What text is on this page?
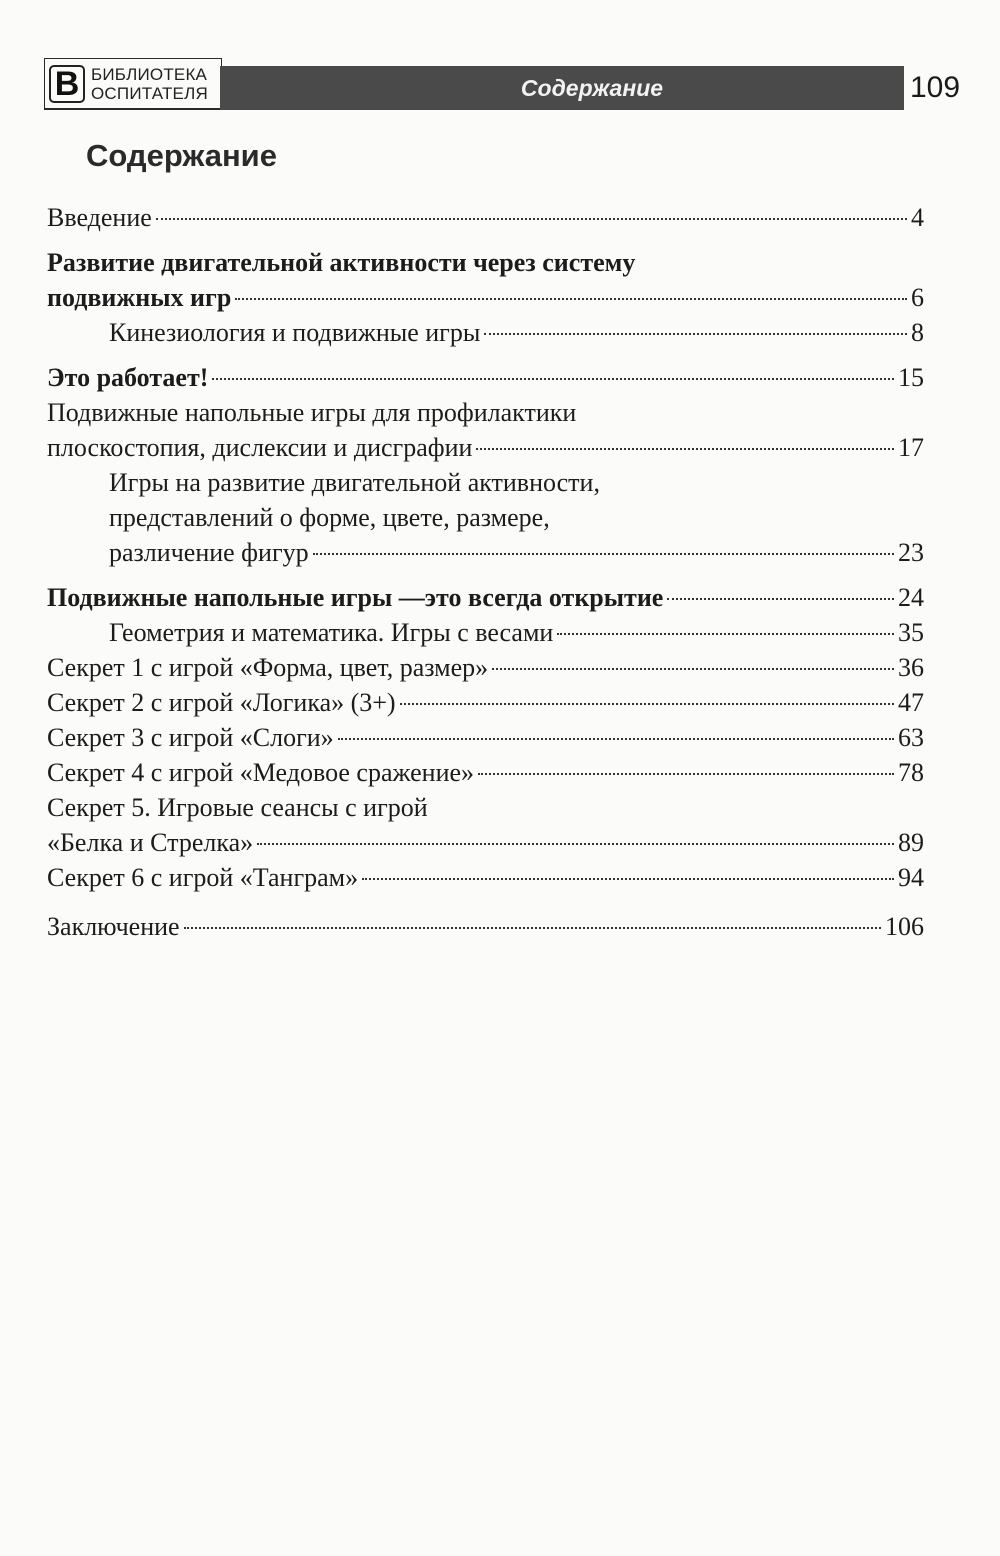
В БИБЛИОТЕКА
ОСПИТАТЕЛЯ	Содержание	109
Содержание
Введение	4
Развитие двигательной активности через систему
подвижных игр	6
Кинезиология и подвижные игры	8
Это работает!	15
Подвижные напольные игры для профилактики
плоскостопия, дислексии и дисграфии	17
Игры на развитие двигательной активности,
представлений о форме, цвете, размере,
различение фигур	23
Подвижные напольные игры —это всегда открытие	24
Геометрия и математика. Игры с весами	35
Секрет 1 с игрой «Форма, цвет, размер»	36
Секрет 2 с игрой «Логика» (3+)	47
Секрет 3 с игрой «Слоги»	63
Секрет 4 с игрой «Медовое сражение»	78
Секрет 5. Игровые сеансы с игрой
«Белка и Стрелка»	89
Секрет 6 с игрой «Танграм»	94
Заключение	106
